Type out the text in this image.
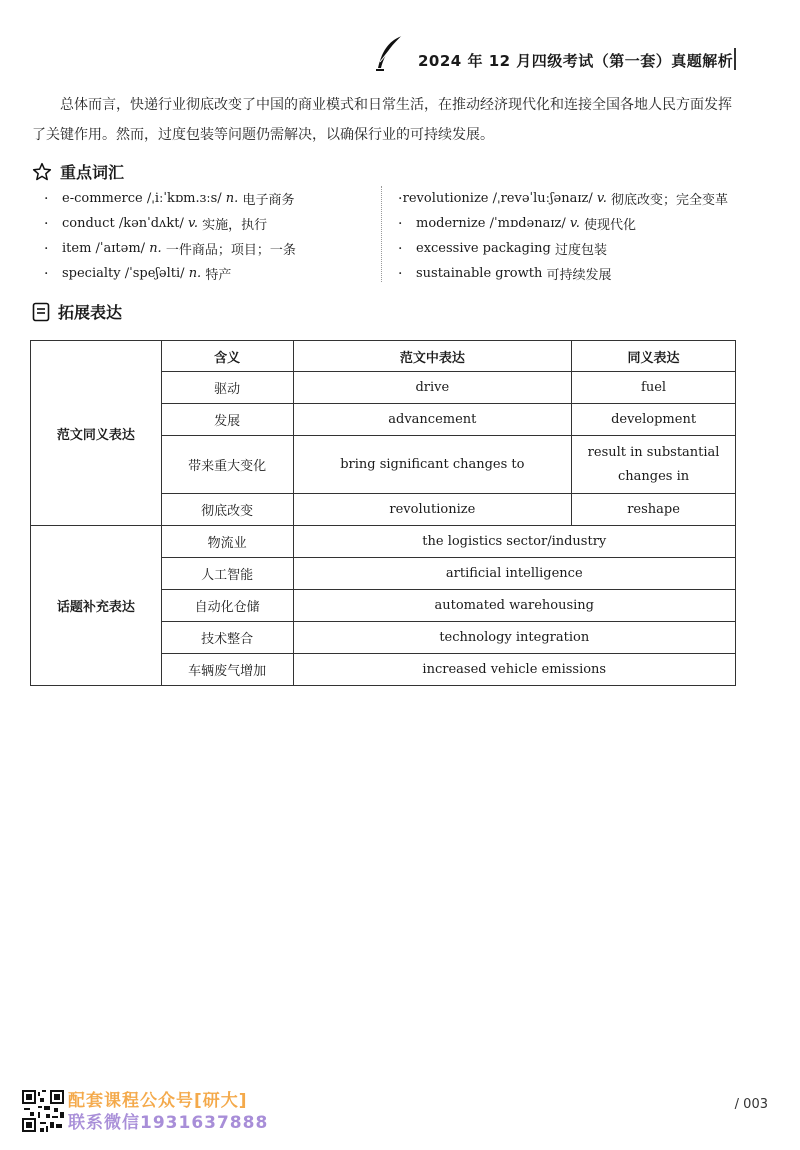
2024 年 12 月四级考试（第一套）真题解析
总体而言，快递行业彻底改变了中国的商业模式和日常生活，在推动经济现代化和连接全国各地人民方面发挥了关键作用。然而，过度包装等问题仍需解决，以确保行业的可持续发展。
重点词汇
·	e-commerce
/ˌiːˈkɒm.ɜːs/
n.
电子商务
·	conduct
/kənˈdʌkt/
v.
实施，执行
·	item
/ˈaɪtəm/
n.
一件商品；项目；一条
·	specialty
/ˈspeʃəlti/
n.
特产
· revolutionize
/ˌrevəˈluːʃənaɪz/
v.
彻底改变；完全变革
·	modernize
/ˈmɒdənaɪz/
v.
使现代化
·	excessive packaging
过度包装
·	sustainable growth
可持续发展
拓展表达
范文同义表达	含义	范文中表达	同义表达
	驱动	drive	fuel
	发展	advancement	development
	带来重大变化	bring significant changes to	result in substantial changes in
	彻底改变	revolutionize	reshape
话题补充表达	物流业	the logistics sector/industry	
	人工智能	artificial intelligence	
	自动化仓储	automated warehousing	
	技术整合	technology integration	
	车辆废气增加	increased vehicle emissions	
配套课程公众号[研大]
联系微信1931637888
/ 003
